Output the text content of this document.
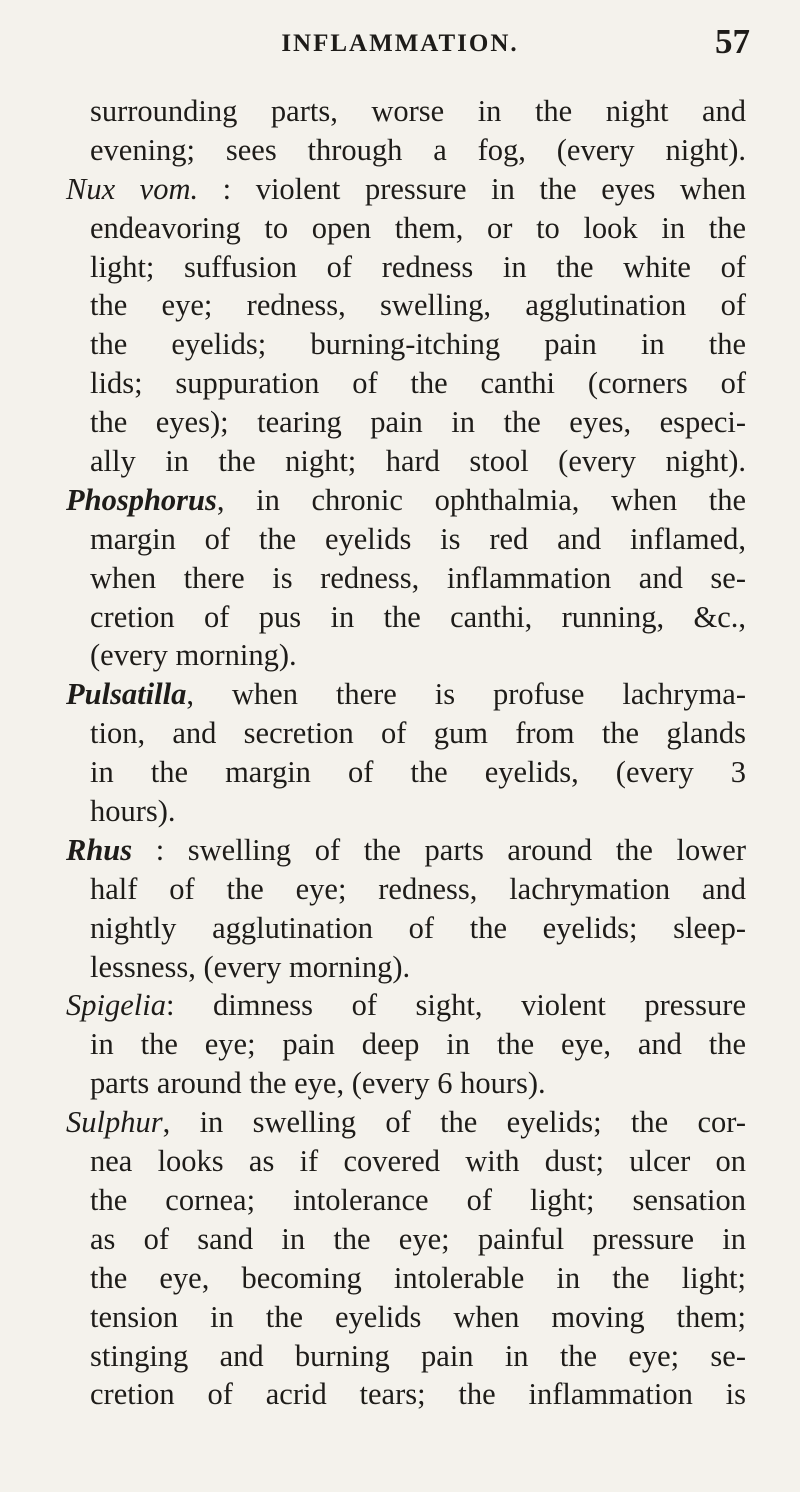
INFLAMMATION.	57
surrounding parts, worse in the night and
evening; sees through a fog, (every night).
Nux vom. : violent pressure in the eyes when
endeavoring to open them, or to look in the
light; suffusion of redness in the white of
the eye; redness, swelling, agglutination of
the eyelids; burning-itching pain in the
lids; suppuration of the canthi (corners of
the eyes); tearing pain in the eyes, especi-
ally in the night; hard stool (every night).
Phosphorus, in chronic ophthalmia, when the
margin of the eyelids is red and inflamed,
when there is redness, inflammation and se-
cretion of pus in the canthi, running, &c.,
(every morning).
Pulsatilla, when there is profuse lachryma-
tion, and secretion of gum from the glands
in the margin of the eyelids, (every 3
hours).
Rhus : swelling of the parts around the lower
half of the eye; redness, lachrymation and
nightly agglutination of the eyelids; sleep-
lessness, (every morning).
Spigelia: dimness of sight, violent pressure
in the eye; pain deep in the eye, and the
parts around the eye, (every 6 hours).
Sulphur, in swelling of the eyelids; the cor-
nea looks as if covered with dust; ulcer on
the cornea; intolerance of light; sensation
as of sand in the eye; painful pressure in
the eye, becoming intolerable in the light;
tension in the eyelids when moving them;
stinging and burning pain in the eye; se-
cretion of acrid tears; the inflammation is
